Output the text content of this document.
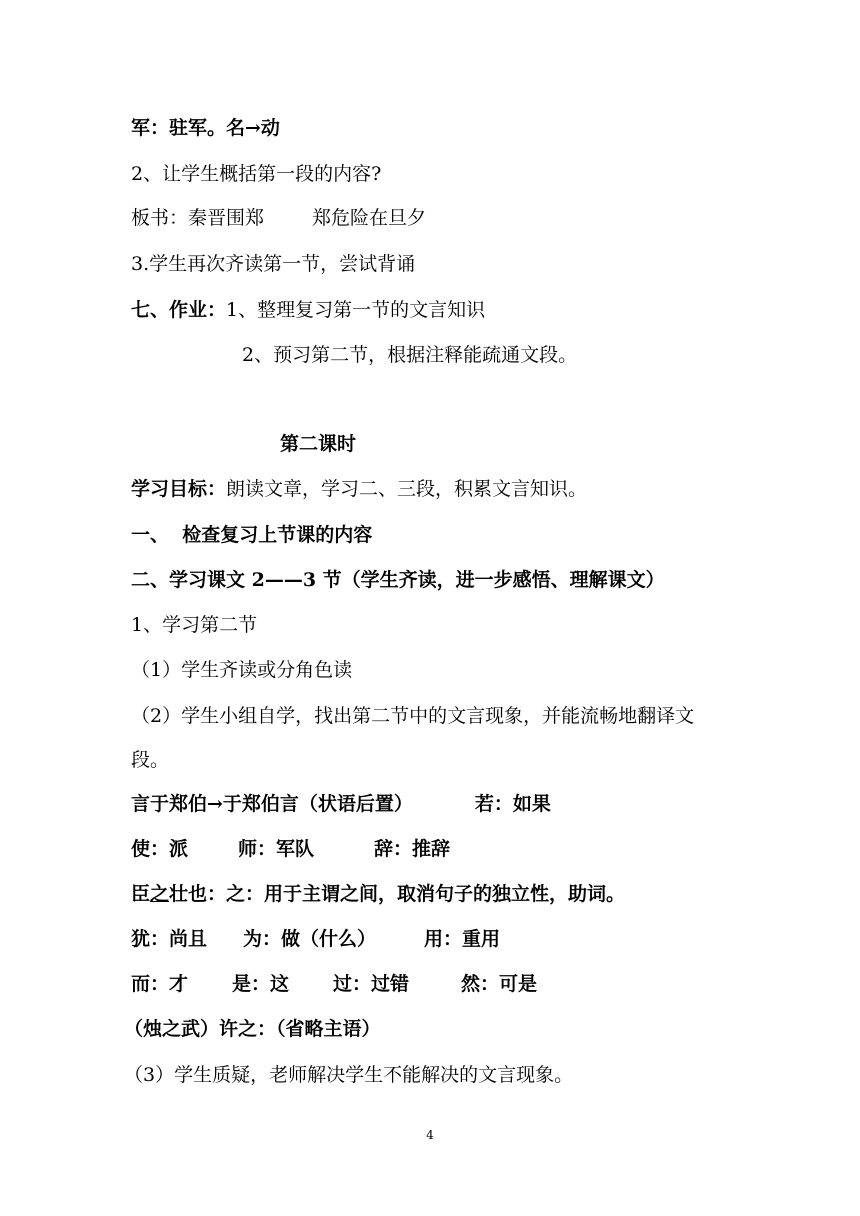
军：驻军。名→动
2、让学生概括第一段的内容?
板书：秦晋围郑	郑危险在旦夕
3.学生再次齐读第一节，尝试背诵
七、作业：1、整理复习第一节的文言知识
2、预习第二节，根据注释能疏通文段。
第二课时
学习目标：朗读文章，学习二、三段，积累文言知识。
一、  检查复习上节课的内容
二、学习课文 2——3 节（学生齐读，进一步感悟、理解课文）
1、学习第二节
（1）学生齐读或分角色读
（2）学生小组自学，找出第二节中的文言现象，并能流畅地翻译文
段。
言于郑伯→于郑伯言（状语后置）	若：如果
使：派	师：军队	辞：推辞
臣之壮也：之：用于主谓之间，取消句子的独立性，助词。
犹：尚且 为：做（什么）	用：重用
而：才 是：这 过：过错	然：可是
（烛之武）许之：（省略主语）
（3）学生质疑，老师解决学生不能解决的文言现象。
4
